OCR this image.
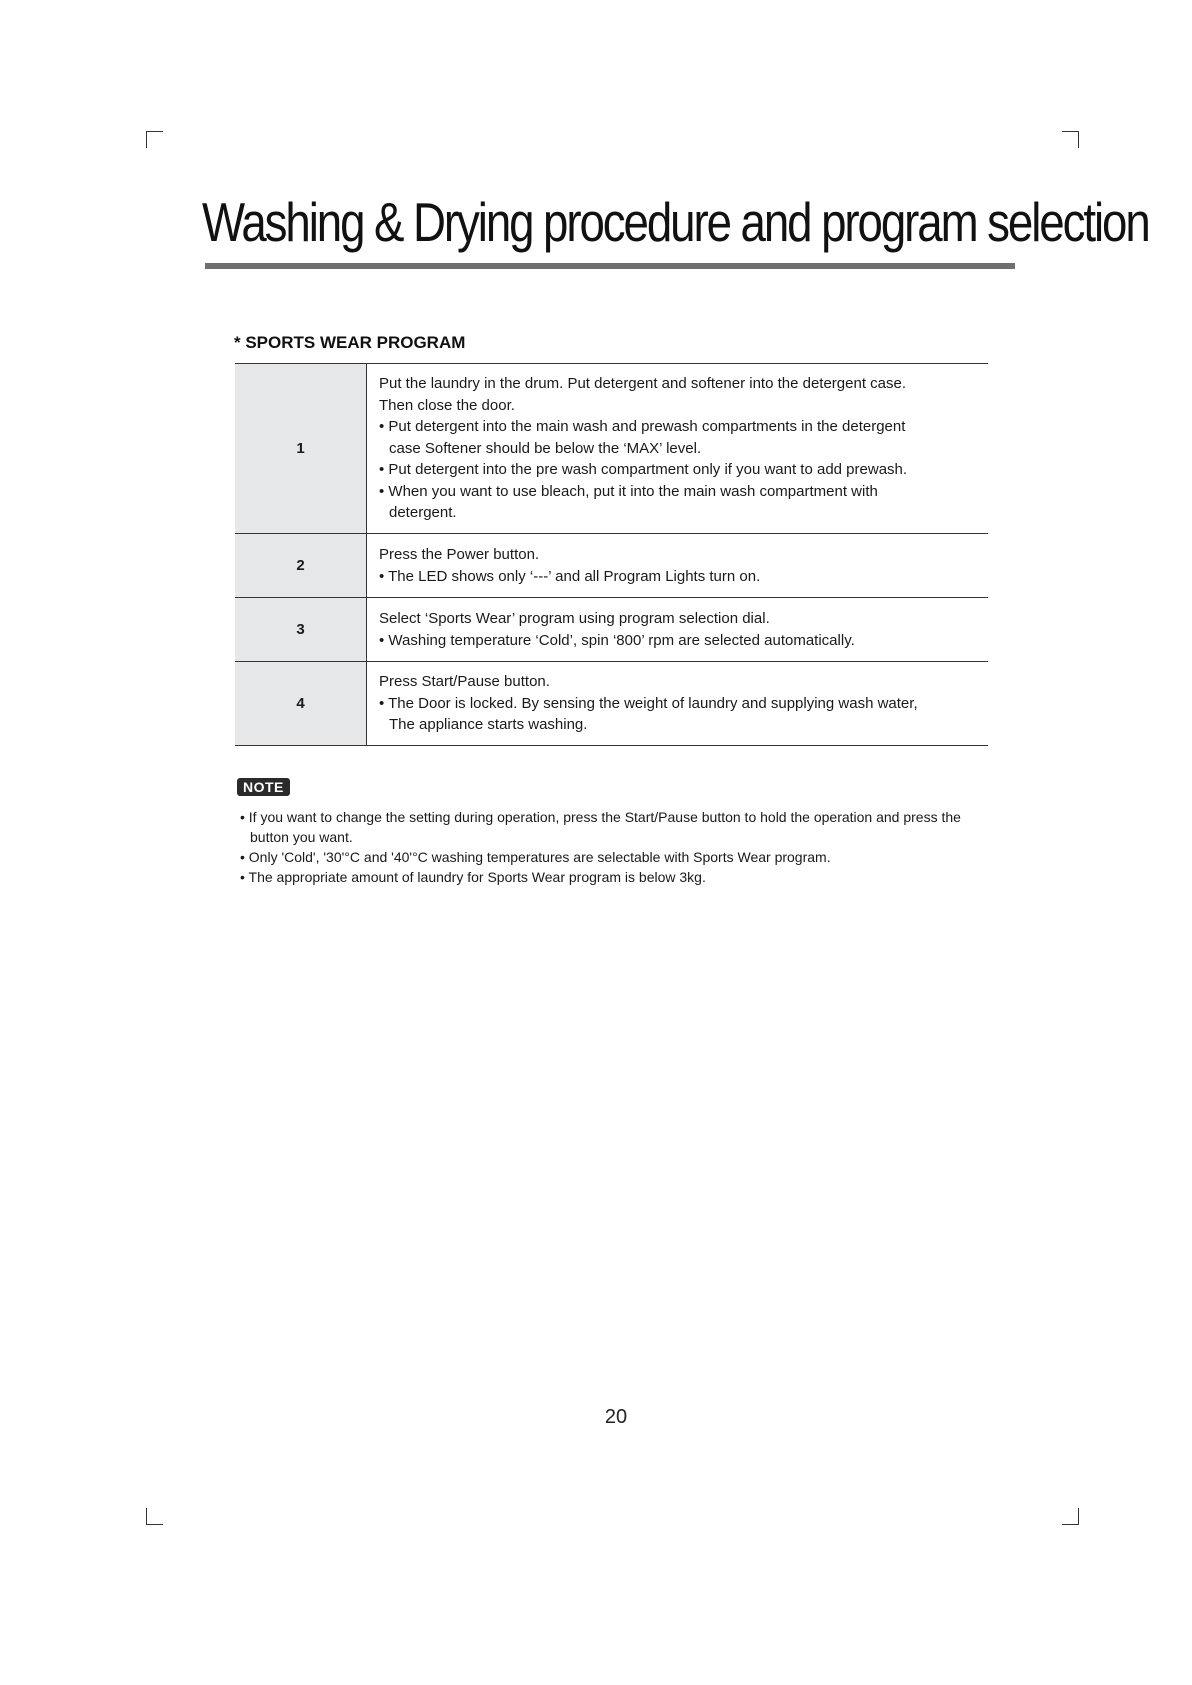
Washing & Drying procedure and program selection
* SPORTS WEAR PROGRAM
1	Put the laundry in the drum. Put detergent and softener into the detergent case.
Then close the door.
• Put detergent into the main wash and prewash compartments in the detergent case Softener should be below the ‘MAX’ level.
• Put detergent into the pre wash compartment only if you want to add prewash.
• When you want to use bleach, put it into the main wash compartment with detergent.

2	Press the Power button.
• The LED shows only ‘---’ and all Program Lights turn on.

3	Select ‘Sports Wear’ program using program selection dial.
• Washing temperature ‘Cold’, spin ‘800’ rpm are selected automatically.

4	Press Start/Pause button.
• The Door is locked. By sensing the weight of laundry and supplying wash water, The appliance starts washing.
NOTE
• If you want to change the setting during operation, press the Start/Pause button to hold the operation and press the button you want.
• Only 'Cold', '30'°C and '40'°C washing temperatures are selectable with Sports Wear program.
• The appropriate amount of laundry for Sports Wear program is below 3kg.
20
